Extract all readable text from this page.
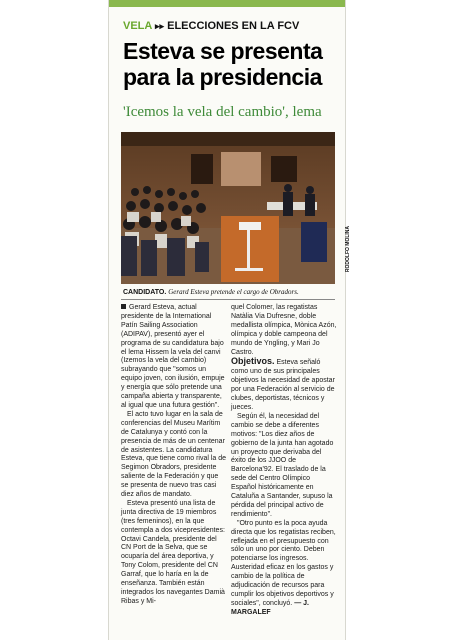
VELA ▸▸ ELECCIONES EN LA FCV
Esteva se presenta para la presidencia
'Icemos la vela del cambio', lema
RODOLFO MOLINA
CANDIDATO. Gerard Esteva pretende el cargo de Obradors.

Gerard Esteva, actual presidente de la International Patín Sailing Association (ADIPAV), presentó ayer el programa de su candidatura bajo el lema Hissem la vela del canvi (Izemos la vela del cambio) subrayando que "somos un equipo joven, con ilusión, empuje y energía que sólo pretende una campaña abierta y transparente, al igual que una futura gestión".

El acto tuvo lugar en la sala de conferencias del Museu Marítim de Catalunya y contó con la presencia de más de un centenar de asistentes. La candidatura Esteva, que tiene como rival la de Segimon Obradors, presidente saliente de la Federación y que se presenta de nuevo tras casi diez años de mandato.

Esteva presentó una lista de junta directiva de 19 miembros (tres femeninos), en la que contempla a dos vicepresidentes: Octavi Candela, presidente del CN Port de la Selva, que se ocuparía del área deportiva, y Tony Colom, presidente del CN Garraf, que lo haría en la de enseñanza. También están integrados los navegantes Damià Ribas y Mi-

quel Colomer, las regatistas Natàlia Via Dufresne, doble medallista olímpica, Mònica Azón, olímpica y doble campeona del mundo de Yngling, y Mari Jo Castro.

Objetivos. Esteva señaló como uno de sus principales objetivos la necesidad de apostar por una Federación al servicio de clubes, deportistas, técnicos y jueces.

Según él, la necesidad del cambio se debe a diferentes motivos: "Los diez años de gobierno de la junta han agotado un proyecto que derivaba del éxito de los JJOO de Barcelona'92. El traslado de la sede del Centro Olímpico Español históricamente en Cataluña a Santander, supuso la pérdida del principal activo de rendimiento".

"Otro punto es la poca ayuda directa que los regatistas reciben, reflejada en el presupuesto con sólo un uno por ciento. Deben potenciarse los ingresos. Austeridad eficaz en los gastos y cambio de la política de adjudicación de recursos para cumplir los objetivos deportivos y sociales", concluyó. — J. MARGALEF
